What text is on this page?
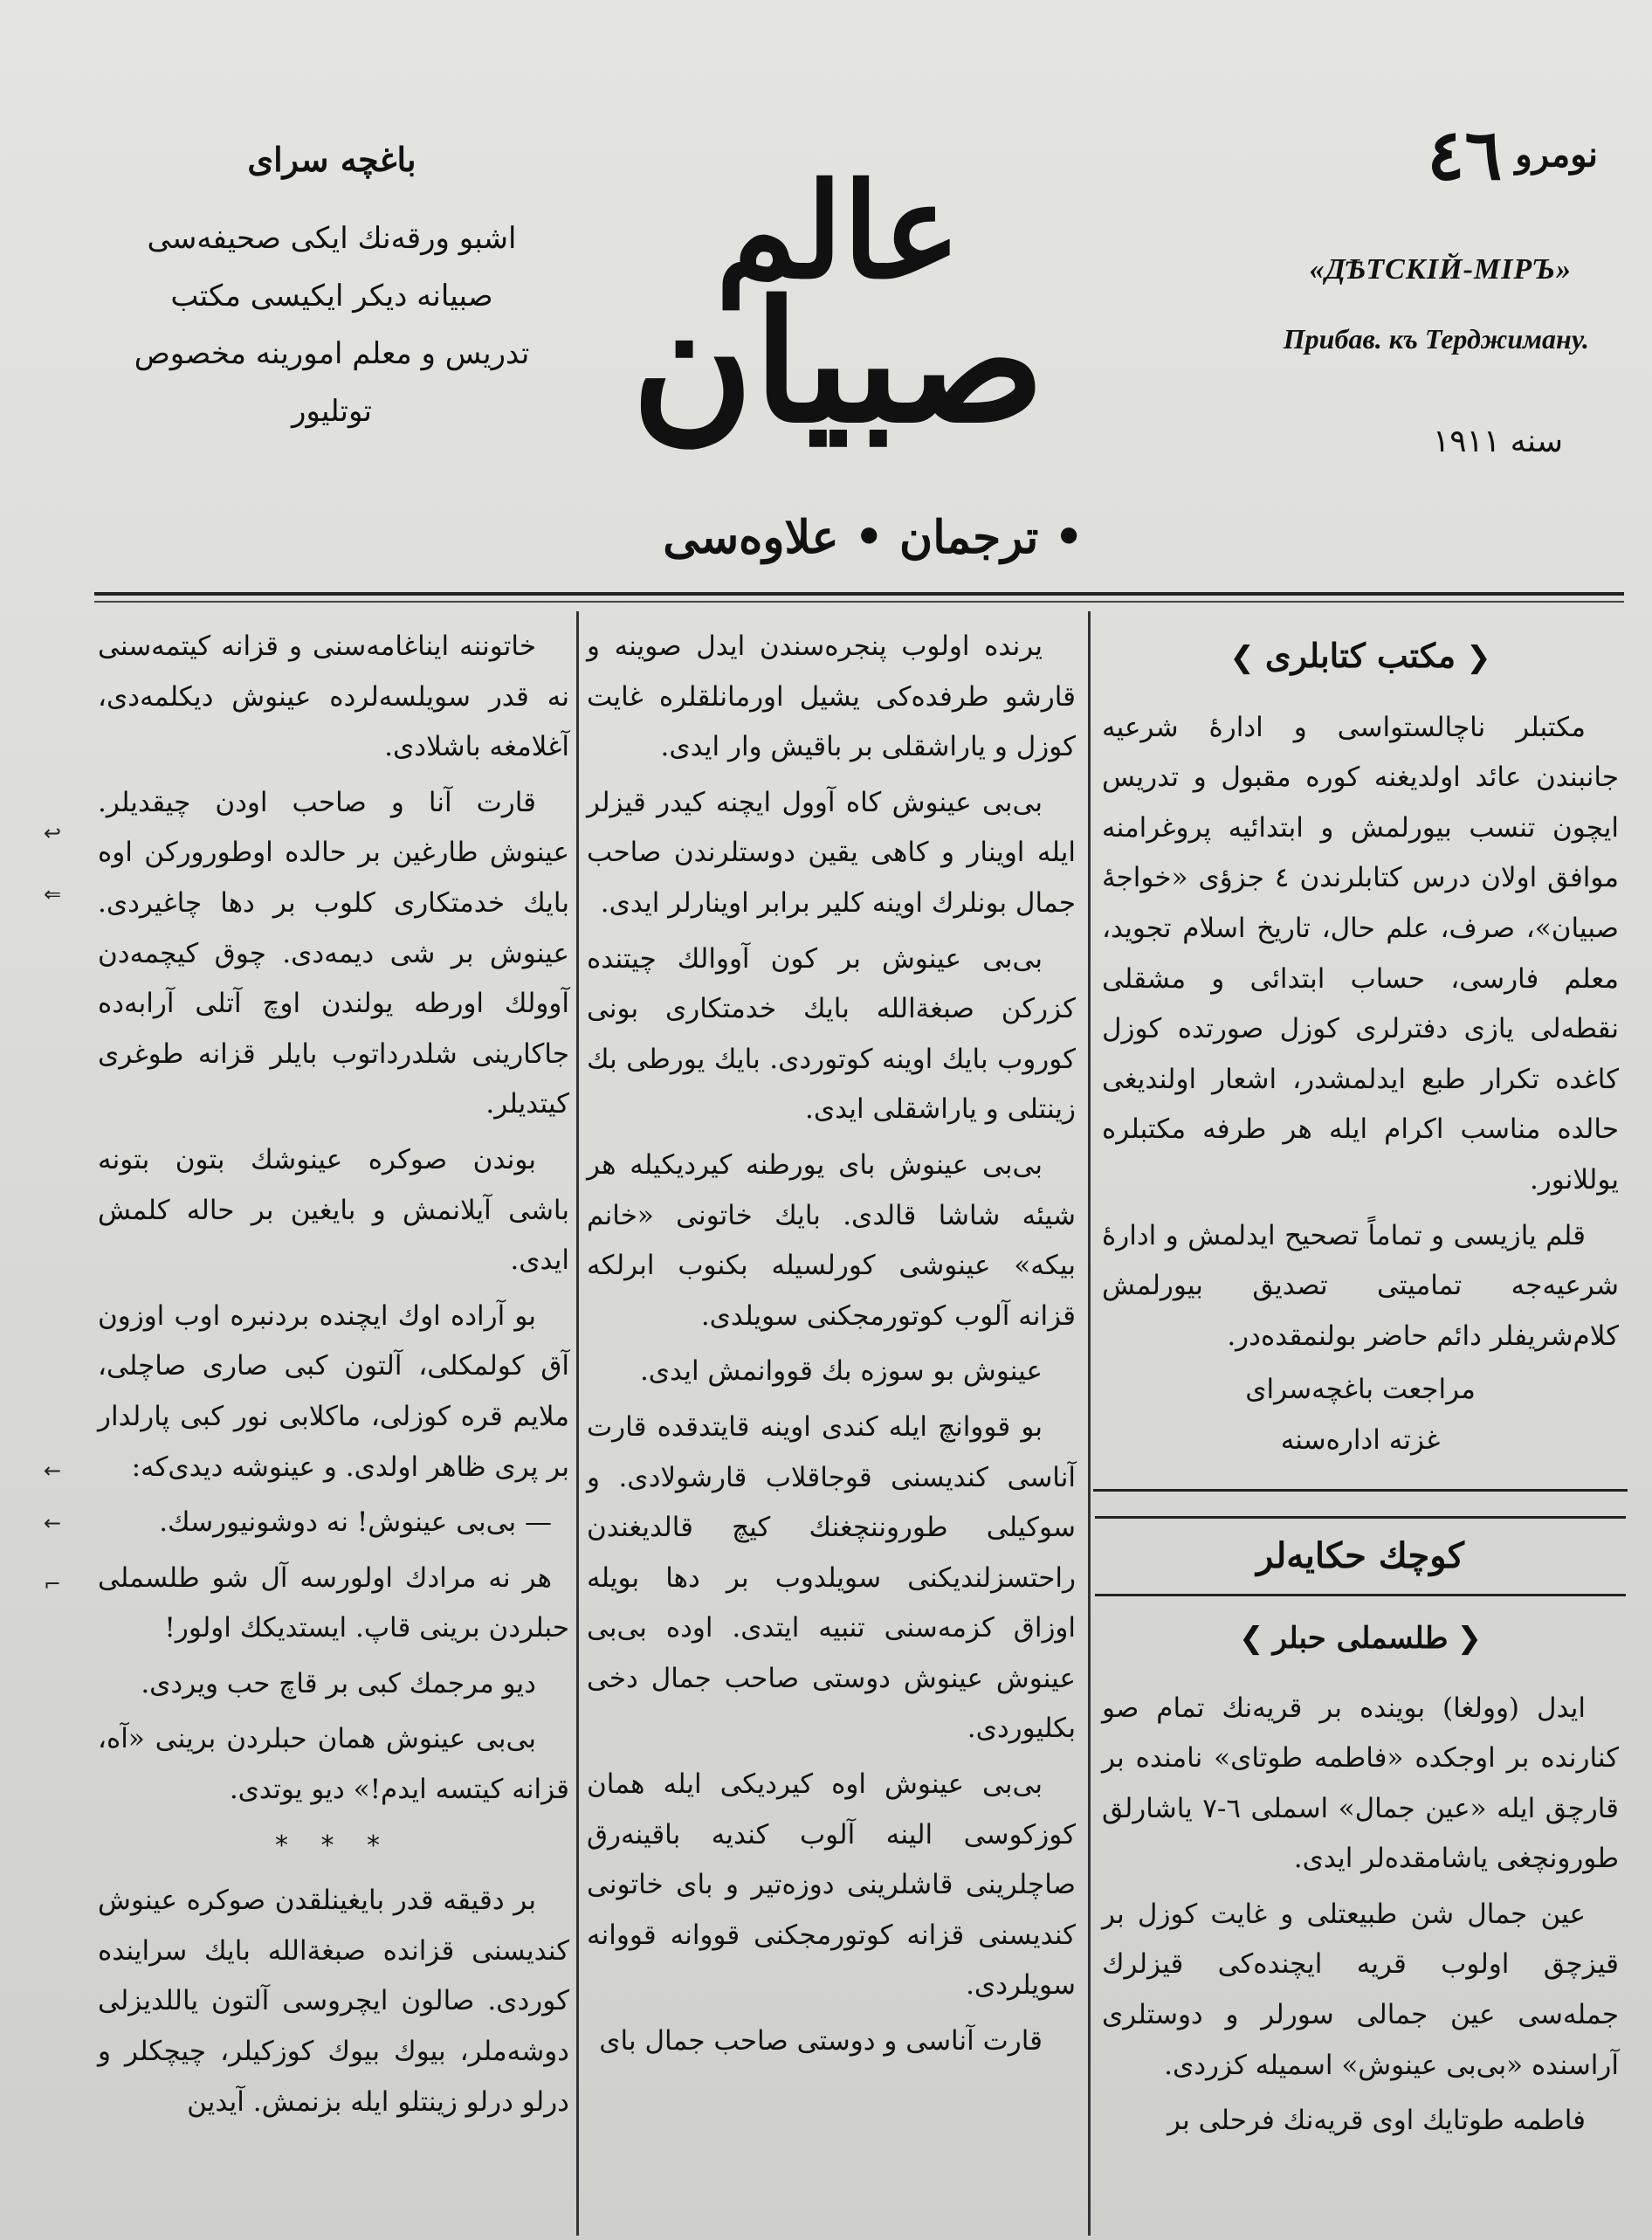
باغچه سرای
اشبو ورقه‌نك ايكى صحيفه‌سى
صبيانه ديكر ايكيسى مكتب
تدريس و معلم امورينه مخصوص
توتليور
عالم
صبيان
• ترجمان • علاوه‌سى
نومرو ٤٦
«ДѢТСКІЙ-МІРЪ»
Прибав. къ Терджиману.
سنه ١٩١١
↩
⇐
←
←
⌐
❮مكتب كتابلرى❯

مكتبلر ناچالستواسى و ادارهٔ شرعيه جانبندن عائد اولديغنه كوره مقبول و تدريس ايچون تنسب بيورلمش و ابتدائيه پروغرامنه موافق اولان درس كتابلرندن ٤ جزؤى «خواجهٔ صبيان»، صرف، علم حال، تاريخ اسلام تجويد، معلم فارسى، حساب ابتدائى و مشقلى نقطه‌لى يازى دفترلرى كوزل صورتده كوزل كاغده تكرار طبع ايدلمشدر، اشعار اولنديغى حالده مناسب اكرام ايله هر طرفه مكتبلره يوللانور.

قلم يازيسى و تماماً تصحيح ايدلمش و ادارهٔ شرعيه‌جه تماميتى تصديق بيورلمش كلام‌شريفلر دائم حاضر بولنمقده‌در.

مراجعت باغچه‌سراى

غزته اداره‌سنه

كوچك حكايه‌لر
❮طلسملى حبلر❯

ايدل (وولغا) بوينده بر قريه‌نك تمام صو كنارنده بر اوجكده «فاطمه طوتاى» نامنده بر قارچق ايله «عين جمال» اسملى ٦-٧ ياشارلق طورونچغى ياشامقده‌لر ايدى.

عين جمال شن طبيعتلى و غايت كوزل بر قيزچق اولوب قريه ايچنده‌كى قيزلرك جمله‌سى عين جمالى سورلر و دوستلرى آراسنده «بى‌بى عينوش» اسميله كزردى.

فاطمه طوتايك اوى قريه‌نك فرحلى بر

يرنده اولوب پنجره‌سندن ايدل صوينه و قارشو طرفده‌كى يشيل اورمانلقلره غايت كوزل و ياراشقلى بر باقيش وار ايدى.

بى‌بى عينوش كاه آوول ايچنه كيدر قيزلر ايله اوينار و كاهى يقين دوستلرندن صاحب جمال بونلرك اوينه كلير برابر اوينارلر ايدى.

بى‌بى عينوش بر كون آووالك چيتنده كزركن صبغة‌الله بايك خدمتكارى بونى كوروب بايك اوينه كوتوردى. بايك يورطى بك زينتلى و ياراشقلى ايدى.

بى‌بى عينوش باى يورطنه كيرديكيله هر شيئه شاشا قالدى. بايك خاتونى «خانم بيكه» عينوشى كورلسيله بكنوب ابرلكه قزانه آلوب كوتورمجكنى سويلدى.

عينوش بو سوزه بك قووانمش ايدى.

بو قووانچ ايله كندى اوينه قايتدقده قارت آناسى كنديسنى قوجاقلاب قارشولادى. و سوكيلى طوروننچغنك كيچ قالديغندن راحتسزلنديكنى سويلدوب بر دها بويله اوزاق كزمه‌سنى تنبيه ايتدى. اوده بى‌بى عينوش عينوش دوستى صاحب جمال دخى بكليوردى.

بى‌بى عينوش اوه كيرديكى ايله همان كوزكوسى الينه آلوب كنديه باقينه‌رق صاچلرينى قاشلرينى دوزه‌تير و باى خاتونى كنديسنى قزانه كوتورمجكنى قووانه قووانه سويلردى.

قارت آناسى و دوستى صاحب جمال باى

خاتوننه ايناغامه‌سنى و قزانه كيتمه‌سنى نه قدر سويلسه‌لرده عينوش ديكلمه‌دى، آغلامغه باشلادى.

قارت آنا و صاحب اودن چيقديلر. عينوش طارغين بر حالده اوطوروركن اوه بايك خدمتكارى كلوب بر دها چاغيردى. عينوش بر شى ديمه‌دى. چوق كيچمه‌دن آوولك اورطه يولندن اوچ آتلى آرابه‌ده جاكارينى شلدرداتوب بايلر قزانه طوغرى كيتديلر.

بوندن صوكره عينوشك بتون بتونه باشى آيلانمش و بايغين بر حاله كلمش ايدى.

بو آراده اوك ايچنده بردنبره اوب اوزون آق كولمكلى، آلتون كبى صارى صاچلى، ملايم قره كوزلى، ماكلابى نور كبى پارلدار بر پرى ظاهر اولدى. و عينوشه ديدى‌كه:

— بى‌بى عينوش! نه دوشونيورسك.

هر نه مرادك اولورسه آل شو طلسملى حبلردن برينى قاپ. ايستديكك اولور!

ديو مرجمك كبى بر قاچ حب ويردى.

بى‌بى عينوش همان حبلردن برينى «آه، قزانه كيتسه ايدم!» ديو يوتدى.

* * *

بر دقيقه قدر بايغينلقدن صوكره عينوش كنديسنى قزانده صبغة‌الله بايك سراينده كوردى. صالون ايچروسى آلتون ياللديزلى دوشه‌ملر، بيوك بيوك كوزكيلر، چيچكلر و درلو درلو زينتلو ايله بزنمش. آيدين
